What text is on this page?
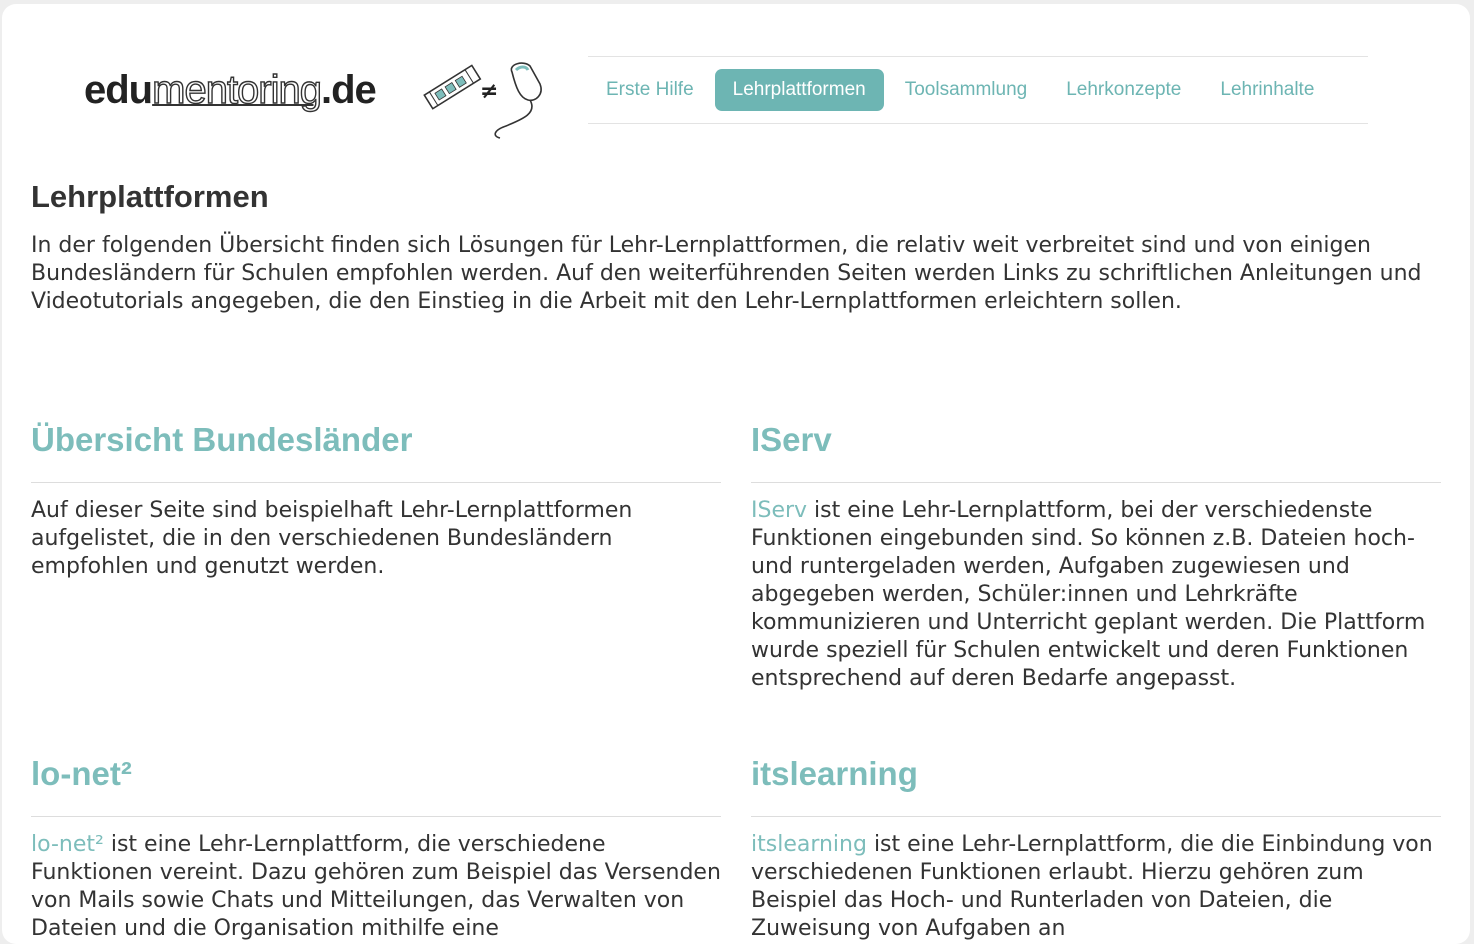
edumentoring.de	≠	Erste Hilfe	Lehrplattformen	Toolsammlung	Lehrkonzepte	Lehrinhalte
Lehrplattformen

In der folgenden Übersicht finden sich Lösungen für Lehr-Lernplattformen, die relativ weit verbreitet sind und von einigen Bundesländern für Schulen empfohlen werden. Auf den weiterführenden Seiten werden Links zu schriftlichen Anleitungen und Videotutorials angegeben, die den Einstieg in die Arbeit mit den Lehr-Lernplattformen erleichtern sollen.

Übersicht Bundesländer

Auf dieser Seite sind beispielhaft Lehr-Lernplattformen aufgelistet, die in den verschiedenen Bundesländern empfohlen und genutzt werden.

IServ

IServ ist eine Lehr-Lernplattform, bei der verschiedenste Funktionen eingebunden sind. So können z.B. Dateien hoch- und runtergeladen werden, Aufgaben zugewiesen und abgegeben werden, Schüler:innen und Lehrkräfte kommunizieren und Unterricht geplant werden. Die Plattform wurde speziell für Schulen entwickelt und deren Funktionen entsprechend auf deren Bedarfe angepasst.

lo-net²

lo-net² ist eine Lehr-Lernplattform, die verschiedene Funktionen vereint. Dazu gehören zum Beispiel das Versenden von Mails sowie Chats und Mitteilungen, das Verwalten von Dateien und die Organisation mithilfe eine

itslearning

itslearning ist eine Lehr-Lernplattform, die die Einbindung von verschiedenen Funktionen erlaubt. Hierzu gehören zum Beispiel das Hoch- und Runterladen von Dateien, die Zuweisung von Aufgaben an
